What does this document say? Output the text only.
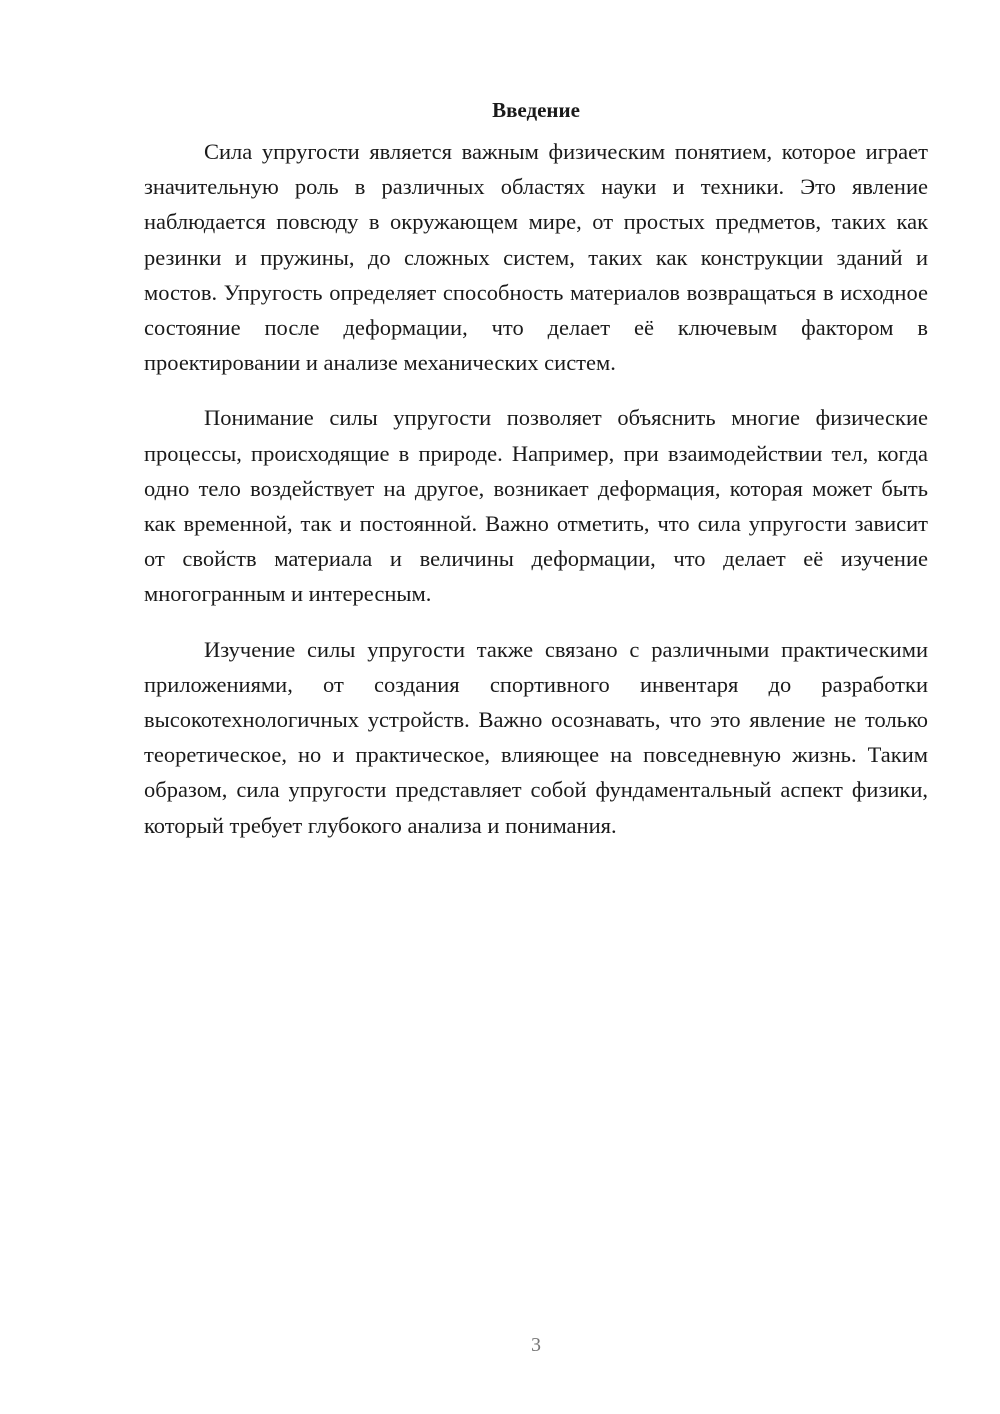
Введение

Сила упругости является важным физическим понятием, которое играет значительную роль в различных областях науки и техники. Это явление наблюдается повсюду в окружающем мире, от простых предметов, таких как резинки и пружины, до сложных систем, таких как конструкции зданий и мостов. Упругость определяет способность материалов возвращаться в исходное состояние после деформации, что делает её ключевым фактором в проектировании и анализе механических систем.

Понимание силы упругости позволяет объяснить многие физические процессы, происходящие в природе. Например, при взаимодействии тел, когда одно тело воздействует на другое, возникает деформация, которая может быть как временной, так и постоянной. Важно отметить, что сила упругости зависит от свойств материала и величины деформации, что делает её изучение многогранным и интересным.

Изучение силы упругости также связано с различными практическими приложениями, от создания спортивного инвентаря до разработки высокотехнологичных устройств. Важно осознавать, что это явление не только теоретическое, но и практическое, влияющее на повседневную жизнь. Таким образом, сила упругости представляет собой фундаментальный аспект физики, который требует глубокого анализа и понимания.

3
